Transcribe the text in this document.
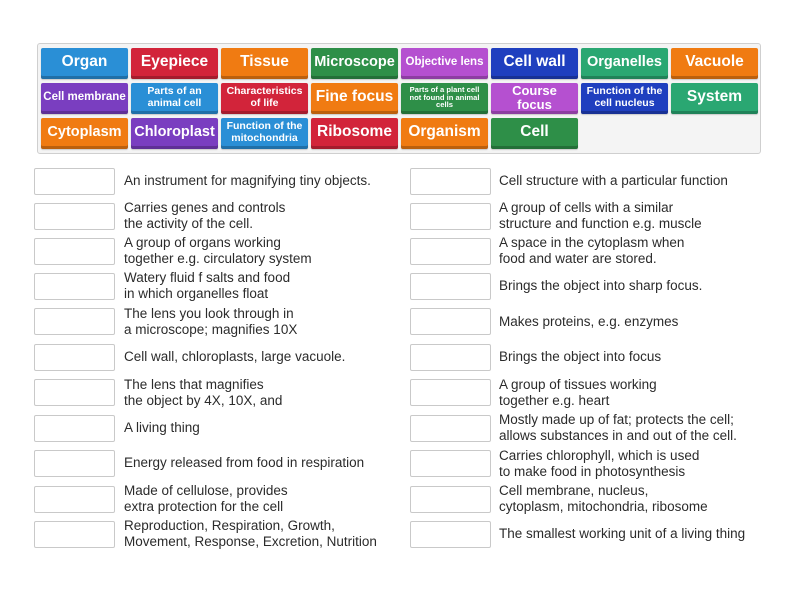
Organ	Eyepiece	Tissue	Microscope Objective lens	Cell wall	Organelles	Vacuole
Cell membrane	Parts of an animal cell
Characteristics of life	Fine focus	Parts of a plant cell not found in animal cells
Course focus
Function of the cell nucleus	System
Cytoplasm Chloroplast	Function of the mitochondria	Ribosome	Organism	Cell
An instrument for magnifying tiny objects.
Carries genes and controls
the activity of the cell.
A group of organs working
together e.g. circulatory system
Watery fluid f salts and food
in which organelles float
The lens you look through in
a microscope; magnifies 10X
Cell wall, chloroplasts, large vacuole.
The lens that magnifies
the object by 4X, 10X, and
A living thing
Energy released from food in respiration
Made of cellulose, provides
extra protection for the cell
Reproduction, Respiration, Growth,
Movement, Response, Excretion, Nutrition
Cell structure with a particular function
A group of cells with a similar
structure and function e.g. muscle
A space in the cytoplasm when
food and water are stored.
Brings the object into sharp focus.
Makes proteins, e.g. enzymes
Brings the object into focus
A group of tissues working
together e.g. heart
Mostly made up of fat; protects the cell;
allows substances in and out of the cell.
Carries chlorophyll, which is used
to make food in photosynthesis
Cell membrane, nucleus,
cytoplasm, mitochondria, ribosome
The smallest working unit of a living thing
